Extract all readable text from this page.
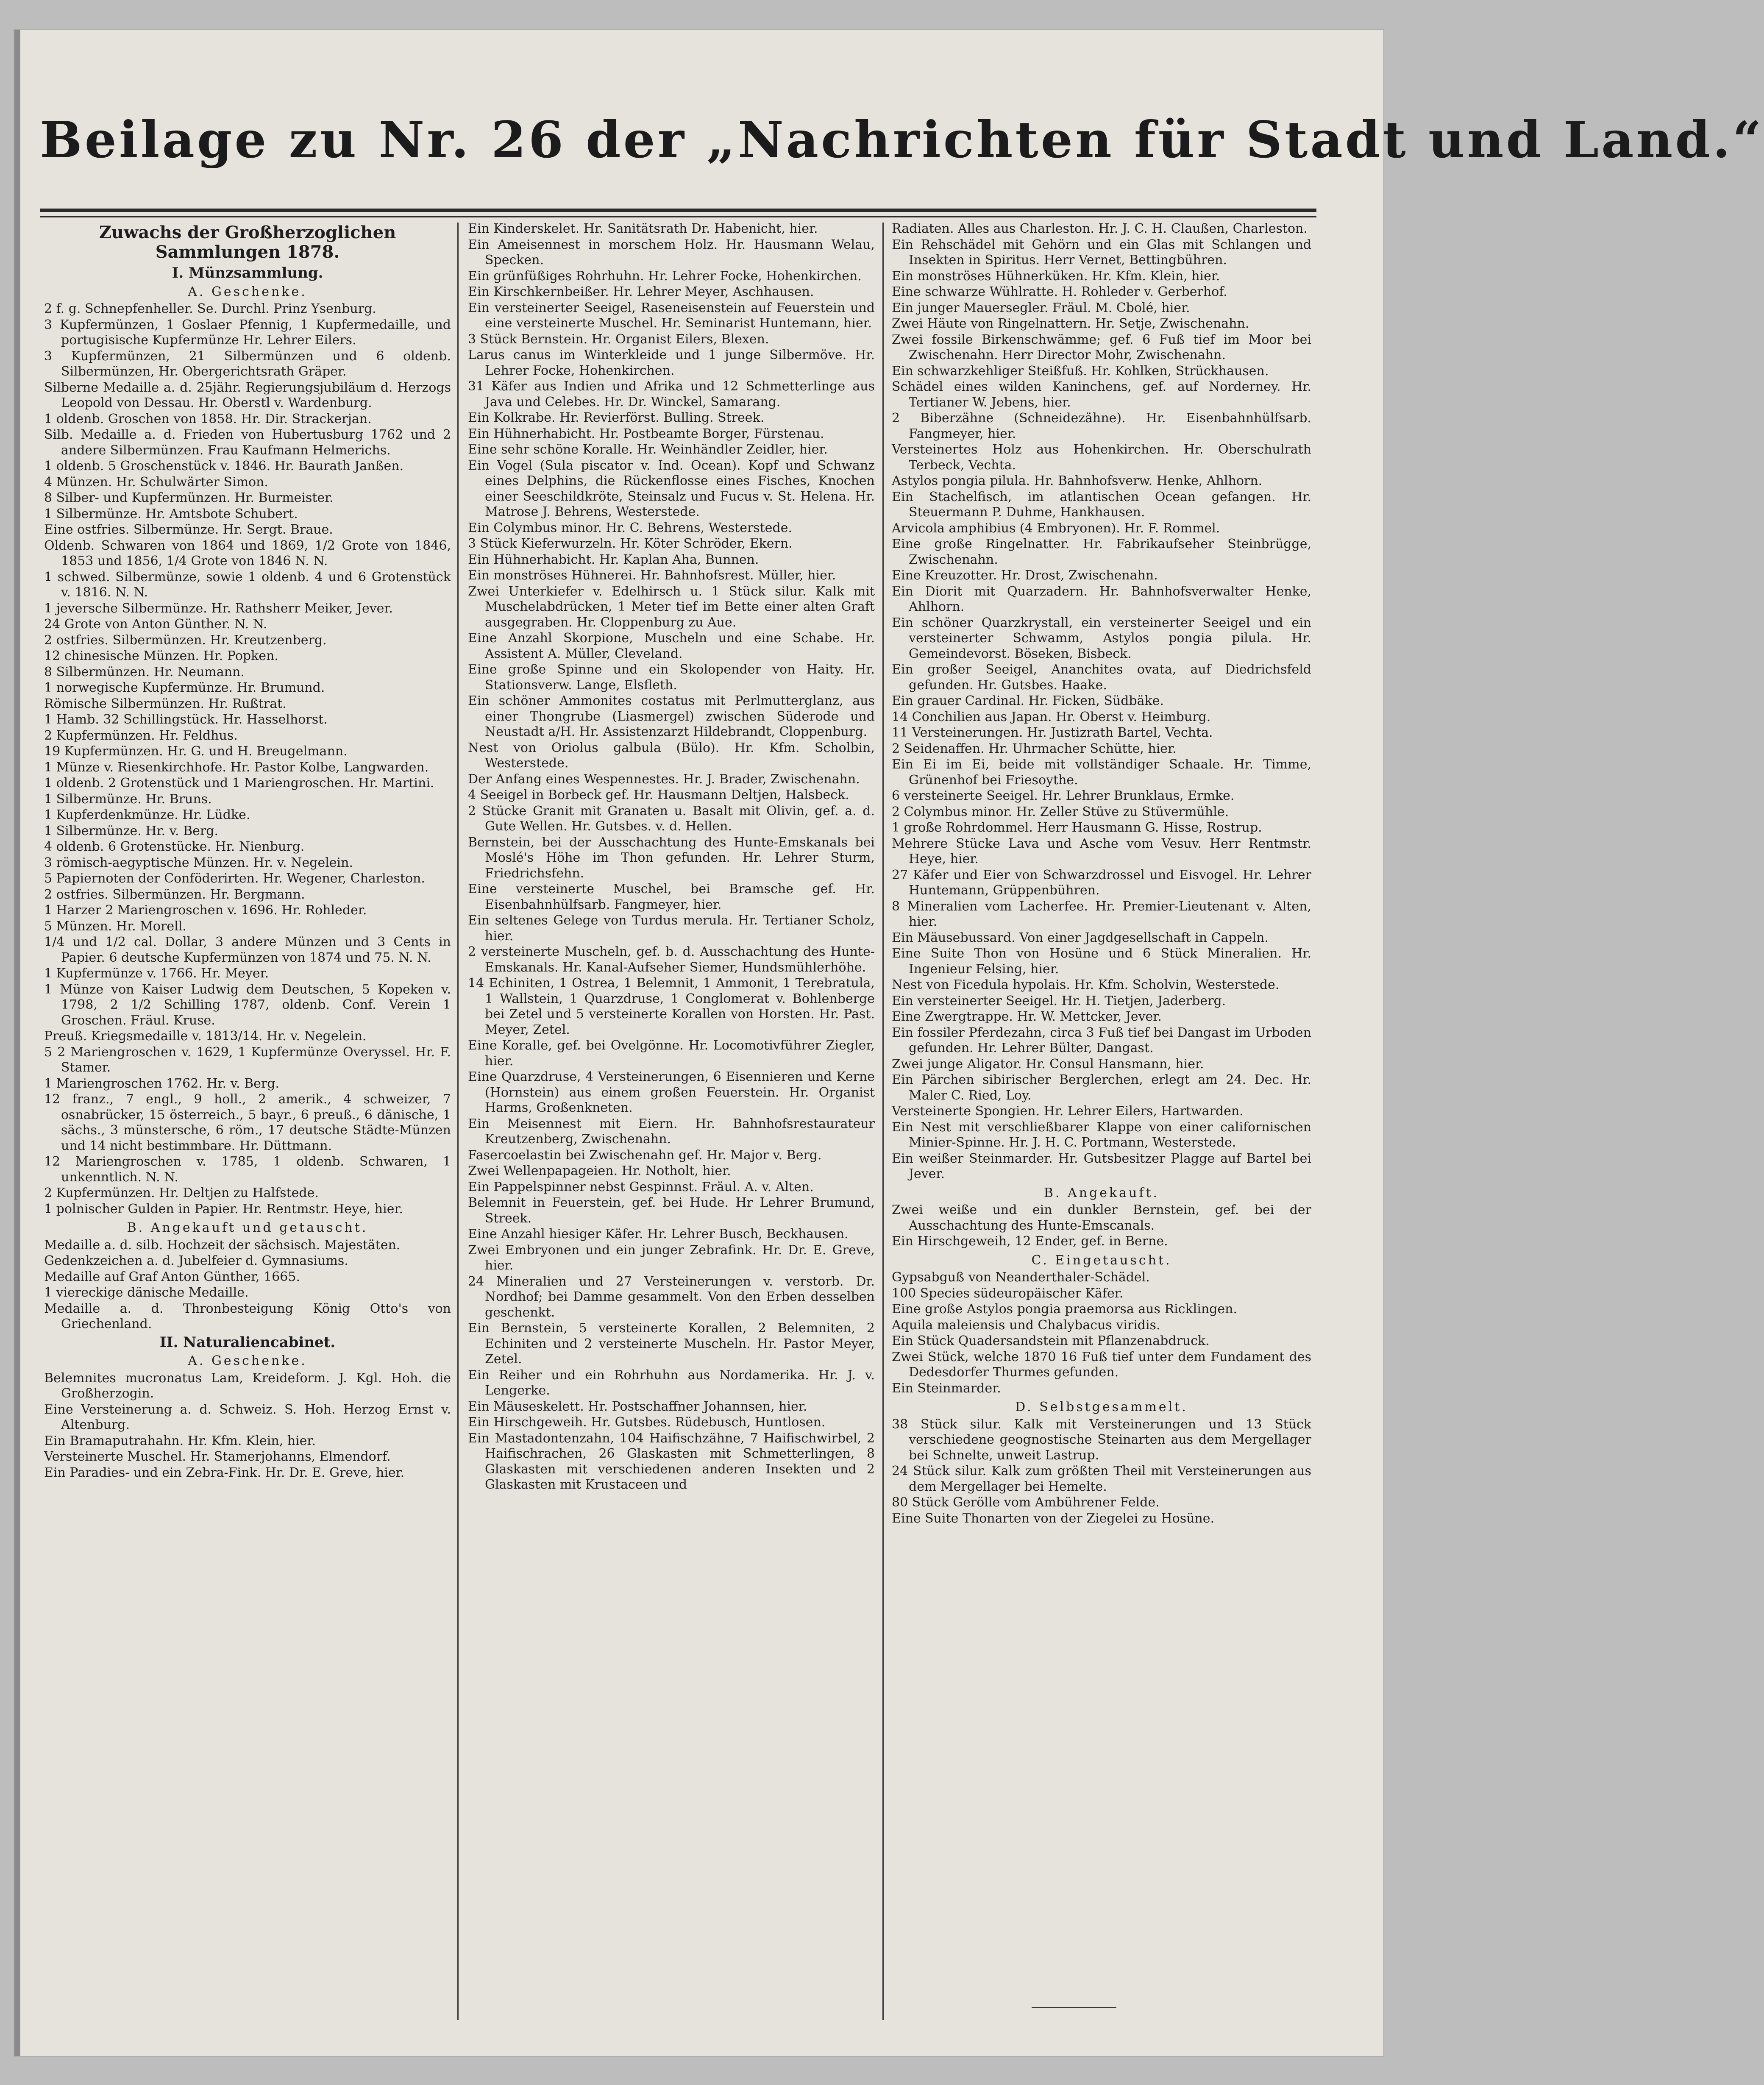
Beilage zu Nr. 26 der „Nachrichten für Stadt und Land.“
Zuwachs der Großherzoglichen Sammlungen 1878.
I. Münzsammlung.
A. Geschenke.
2 f. g. Schnepfenheller. Se. Durchl. Prinz Ysenburg.
3 Kupfermünzen, 1 Goslaer Pfennig, 1 Kupfermedaille, und portugisische Kupfermünze Hr. Lehrer Eilers.
3 Kupfermünzen, 21 Silbermünzen und 6 oldenb. Silbermünzen, Hr. Obergerichtsrath Gräper.
Silberne Medaille a. d. 25jähr. Regierungsjubiläum d. Herzogs Leopold von Dessau. Hr. Oberstl v. Wardenburg.
1 oldenb. Groschen von 1858. Hr. Dir. Strackerjan.
Silb. Medaille a. d. Frieden von Hubertusburg 1762 und 2 andere Silbermünzen. Frau Kaufmann Helmerichs.
1 oldenb. 5 Groschenstück v. 1846. Hr. Baurath Janßen.
4 Münzen. Hr. Schulwärter Simon.
8 Silber- und Kupfermünzen. Hr. Burmeister.
1 Silbermünze. Hr. Amtsbote Schubert.
Eine ostfries. Silbermünze. Hr. Sergt. Braue.
Oldenb. Schwaren von 1864 und 1869, 1/2 Grote von 1846, 1853 und 1856, 1/4 Grote von 1846 N. N.
1 schwed. Silbermünze, sowie 1 oldenb. 4 und 6 Grotenstück v. 1816. N. N.
1 jeversche Silbermünze. Hr. Rathsherr Meiker, Jever.
24 Grote von Anton Günther. N. N.
2 ostfries. Silbermünzen. Hr. Kreutzenberg.
12 chinesische Münzen. Hr. Popken.
8 Silbermünzen. Hr. Neumann.
1 norwegische Kupfermünze. Hr. Brumund.
Römische Silbermünzen. Hr. Rußtrat.
1 Hamb. 32 Schillingstück. Hr. Hasselhorst.
2 Kupfermünzen. Hr. Feldhus.
19 Kupfermünzen. Hr. G. und H. Breugelmann.
1 Münze v. Riesenkirchhofe. Hr. Pastor Kolbe, Langwarden.
1 oldenb. 2 Grotenstück und 1 Mariengroschen. Hr. Martini.
1 Silbermünze. Hr. Bruns.
1 Kupferdenkmünze. Hr. Lüdke.
1 Silbermünze. Hr. v. Berg.
4 oldenb. 6 Grotenstücke. Hr. Nienburg.
3 römisch-aegyptische Münzen. Hr. v. Negelein.
5 Papiernoten der Conföderirten. Hr. Wegener, Charleston.
2 ostfries. Silbermünzen. Hr. Bergmann.
1 Harzer 2 Mariengroschen v. 1696. Hr. Rohleder.
5 Münzen. Hr. Morell.
1/4 und 1/2 cal. Dollar, 3 andere Münzen und 3 Cents in Papier. 6 deutsche Kupfermünzen von 1874 und 75. N. N.
1 Kupfermünze v. 1766. Hr. Meyer.
1 Münze von Kaiser Ludwig dem Deutschen, 5 Kopeken v. 1798, 2 1/2 Schilling 1787, oldenb. Conf. Verein 1 Groschen. Fräul. Kruse.
Preuß. Kriegsmedaille v. 1813/14. Hr. v. Negelein.
5 2 Mariengroschen v. 1629, 1 Kupfermünze Overyssel. Hr. F. Stamer.
1 Mariengroschen 1762. Hr. v. Berg.
12 franz., 7 engl., 9 holl., 2 amerik., 4 schweizer, 7 osnabrücker, 15 österreich., 5 bayr., 6 preuß., 6 dänische, 1 sächs., 3 münstersche, 6 röm., 17 deutsche Städte-Münzen und 14 nicht bestimmbare. Hr. Düttmann.
12 Mariengroschen v. 1785, 1 oldenb. Schwaren, 1 unkenntlich. N. N.
2 Kupfermünzen. Hr. Deltjen zu Halfstede.
1 polnischer Gulden in Papier. Hr. Rentmstr. Heye, hier.
B. Angekauft und getauscht.
Medaille a. d. silb. Hochzeit der sächsisch. Majestäten.
Gedenkzeichen a. d. Jubelfeier d. Gymnasiums.
Medaille auf Graf Anton Günther, 1665.
1 viereckige dänische Medaille.
Medaille a. d. Thronbesteigung König Otto's von Griechenland.
II. Naturaliencabinet.
A. Geschenke.
Belemnites mucronatus Lam, Kreideform. J. Kgl. Hoh. die Großherzogin.
Eine Versteinerung a. d. Schweiz. S. Hoh. Herzog Ernst v. Altenburg.
Ein Bramaputrahahn. Hr. Kfm. Klein, hier.
Versteinerte Muschel. Hr. Stamerjohanns, Elmendorf.
Ein Paradies- und ein Zebra-Fink. Hr. Dr. E. Greve, hier.
Ein Kinderskelet. Hr. Sanitätsrath Dr. Habenicht, hier.
Ein Ameisennest in morschem Holz. Hr. Hausmann Welau, Specken.
Ein grünfüßiges Rohrhuhn. Hr. Lehrer Focke, Hohenkirchen.
Ein Kirschkernbeißer. Hr. Lehrer Meyer, Aschhausen.
Ein versteinerter Seeigel, Raseneisenstein auf Feuerstein und eine versteinerte Muschel. Hr. Seminarist Huntemann, hier.
3 Stück Bernstein. Hr. Organist Eilers, Blexen.
Larus canus im Winterkleide und 1 junge Silbermöve. Hr. Lehrer Focke, Hohenkirchen.
31 Käfer aus Indien und Afrika und 12 Schmetterlinge aus Java und Celebes. Hr. Dr. Winckel, Samarang.
Ein Kolkrabe. Hr. Revierförst. Bulling. Streek.
Ein Hühnerhabicht. Hr. Postbeamte Borger, Fürstenau.
Eine sehr schöne Koralle. Hr. Weinhändler Zeidler, hier.
Ein Vogel (Sula piscator v. Ind. Ocean). Kopf und Schwanz eines Delphins, die Rückenflosse eines Fisches, Knochen einer Seeschildkröte, Steinsalz und Fucus v. St. Helena. Hr. Matrose J. Behrens, Westerstede.
Ein Colymbus minor. Hr. C. Behrens, Westerstede.
3 Stück Kieferwurzeln. Hr. Köter Schröder, Ekern.
Ein Hühnerhabicht. Hr. Kaplan Aha, Bunnen.
Ein monströses Hühnerei. Hr. Bahnhofsrest. Müller, hier.
Zwei Unterkiefer v. Edelhirsch u. 1 Stück silur. Kalk mit Muschelabdrücken, 1 Meter tief im Bette einer alten Graft ausgegraben. Hr. Cloppenburg zu Aue.
Eine Anzahl Skorpione, Muscheln und eine Schabe. Hr. Assistent A. Müller, Cleveland.
Eine große Spinne und ein Skolopender von Haity. Hr. Stationsverw. Lange, Elsfleth.
Ein schöner Ammonites costatus mit Perlmutterglanz, aus einer Thongrube (Liasmergel) zwischen Süderode und Neustadt a/H. Hr. Assistenzarzt Hildebrandt, Cloppenburg.
Nest von Oriolus galbula (Bülo). Hr. Kfm. Scholbin, Westerstede.
Der Anfang eines Wespennestes. Hr. J. Brader, Zwischenahn.
4 Seeigel in Borbeck gef. Hr. Hausmann Deltjen, Halsbeck.
2 Stücke Granit mit Granaten u. Basalt mit Olivin, gef. a. d. Gute Wellen. Hr. Gutsbes. v. d. Hellen.
Bernstein, bei der Ausschachtung des Hunte-Emskanals bei Moslé's Höhe im Thon gefunden. Hr. Lehrer Sturm, Friedrichsfehn.
Eine versteinerte Muschel, bei Bramsche gef. Hr. Eisenbahnhülfsarb. Fangmeyer, hier.
Ein seltenes Gelege von Turdus merula. Hr. Tertianer Scholz, hier.
2 versteinerte Muscheln, gef. b. d. Ausschachtung des Hunte-Emskanals. Hr. Kanal-Aufseher Siemer, Hundsmühlerhöhe.
14 Echiniten, 1 Ostrea, 1 Belemnit, 1 Ammonit, 1 Terebratula, 1 Wallstein, 1 Quarzdruse, 1 Conglomerat v. Bohlenberge bei Zetel und 5 versteinerte Korallen von Horsten. Hr. Past. Meyer, Zetel.
Eine Koralle, gef. bei Ovelgönne. Hr. Locomotivführer Ziegler, hier.
Eine Quarzdruse, 4 Versteinerungen, 6 Eisennieren und Kerne (Hornstein) aus einem großen Feuerstein. Hr. Organist Harms, Großenkneten.
Ein Meisennest mit Eiern. Hr. Bahnhofsrestaurateur Kreutzenberg, Zwischenahn.
Fasercoelastin bei Zwischenahn gef. Hr. Major v. Berg.
Zwei Wellenpapageien. Hr. Notholt, hier.
Ein Pappelspinner nebst Gespinnst. Fräul. A. v. Alten.
Belemnit in Feuerstein, gef. bei Hude. Hr Lehrer Brumund, Streek.
Eine Anzahl hiesiger Käfer. Hr. Lehrer Busch, Beckhausen.
Zwei Embryonen und ein junger Zebrafink. Hr. Dr. E. Greve, hier.
24 Mineralien und 27 Versteinerungen v. verstorb. Dr. Nordhof; bei Damme gesammelt. Von den Erben desselben geschenkt.
Ein Bernstein, 5 versteinerte Korallen, 2 Belemniten, 2 Echiniten und 2 versteinerte Muscheln. Hr. Pastor Meyer, Zetel.
Ein Reiher und ein Rohrhuhn aus Nordamerika. Hr. J. v. Lengerke.
Ein Mäuseskelett. Hr. Postschaffner Johannsen, hier.
Ein Hirschgeweih. Hr. Gutsbes. Rüdebusch, Huntlosen.
Ein Mastadontenzahn, 104 Haifischzähne, 7 Haifischwirbel, 2 Haifischrachen, 26 Glaskasten mit Schmetterlingen, 8 Glaskasten mit verschiedenen anderen Insekten und 2 Glaskasten mit Krustaceen und
Radiaten. Alles aus Charleston. Hr. J. C. H. Claußen, Charleston.
Ein Rehschädel mit Gehörn und ein Glas mit Schlangen und Insekten in Spiritus. Herr Vernet, Bettingbühren.
Ein monströses Hühnerküken. Hr. Kfm. Klein, hier.
Eine schwarze Wühlratte. H. Rohleder v. Gerberhof.
Ein junger Mauersegler. Fräul. M. Cbolé, hier.
Zwei Häute von Ringelnattern. Hr. Setje, Zwischenahn.
Zwei fossile Birkenschwämme; gef. 6 Fuß tief im Moor bei Zwischenahn. Herr Director Mohr, Zwischenahn.
Ein schwarzkehliger Steißfuß. Hr. Kohlken, Strückhausen.
Schädel eines wilden Kaninchens, gef. auf Norderney. Hr. Tertianer W. Jebens, hier.
2 Biberzähne (Schneidezähne). Hr. Eisenbahnhülfsarb. Fangmeyer, hier.
Versteinertes Holz aus Hohenkirchen. Hr. Oberschulrath Terbeck, Vechta.
Astylos pongia pilula. Hr. Bahnhofsverw. Henke, Ahlhorn.
Ein Stachelfisch, im atlantischen Ocean gefangen. Hr. Steuermann P. Duhme, Hankhausen.
Arvicola amphibius (4 Embryonen). Hr. F. Rommel.
Eine große Ringelnatter. Hr. Fabrikaufseher Steinbrügge, Zwischenahn.
Eine Kreuzotter. Hr. Drost, Zwischenahn.
Ein Diorit mit Quarzadern. Hr. Bahnhofsverwalter Henke, Ahlhorn.
Ein schöner Quarzkrystall, ein versteinerter Seeigel und ein versteinerter Schwamm, Astylos pongia pilula. Hr. Gemeindevorst. Böseken, Bisbeck.
Ein großer Seeigel, Ananchites ovata, auf Diedrichsfeld gefunden. Hr. Gutsbes. Haake.
Ein grauer Cardinal. Hr. Ficken, Südbäke.
14 Conchilien aus Japan. Hr. Oberst v. Heimburg.
11 Versteinerungen. Hr. Justizrath Bartel, Vechta.
2 Seidenaffen. Hr. Uhrmacher Schütte, hier.
Ein Ei im Ei, beide mit vollständiger Schaale. Hr. Timme, Grünenhof bei Friesoythe.
6 versteinerte Seeigel. Hr. Lehrer Brunklaus, Ermke.
2 Colymbus minor. Hr. Zeller Stüve zu Stüvermühle.
1 große Rohrdommel. Herr Hausmann G. Hisse, Rostrup.
Mehrere Stücke Lava und Asche vom Vesuv. Herr Rentmstr. Heye, hier.
27 Käfer und Eier von Schwarzdrossel und Eisvogel. Hr. Lehrer Huntemann, Grüppenbühren.
8 Mineralien vom Lacherfee. Hr. Premier-Lieutenant v. Alten, hier.
Ein Mäusebussard. Von einer Jagdgesellschaft in Cappeln.
Eine Suite Thon von Hosüne und 6 Stück Mineralien. Hr. Ingenieur Felsing, hier.
Nest von Ficedula hypolais. Hr. Kfm. Scholvin, Westerstede.
Ein versteinerter Seeigel. Hr. H. Tietjen, Jaderberg.
Eine Zwergtrappe. Hr. W. Mettcker, Jever.
Ein fossiler Pferdezahn, circa 3 Fuß tief bei Dangast im Urboden gefunden. Hr. Lehrer Bülter, Dangast.
Zwei junge Aligator. Hr. Consul Hansmann, hier.
Ein Pärchen sibirischer Berglerchen, erlegt am 24. Dec. Hr. Maler C. Ried, Loy.
Versteinerte Spongien. Hr. Lehrer Eilers, Hartwarden.
Ein Nest mit verschließbarer Klappe von einer californischen Minier-Spinne. Hr. J. H. C. Portmann, Westerstede.
Ein weißer Steinmarder. Hr. Gutsbesitzer Plagge auf Bartel bei Jever.
B. Angekauft.
Zwei weiße und ein dunkler Bernstein, gef. bei der Ausschachtung des Hunte-Emscanals.
Ein Hirschgeweih, 12 Ender, gef. in Berne.
C. Eingetauscht.
Gypsabguß von Neanderthaler-Schädel.
100 Species südeuropäischer Käfer.
Eine große Astylos pongia praemorsa aus Ricklingen.
Aquila maleiensis und Chalybacus viridis.
Ein Stück Quadersandstein mit Pflanzenabdruck.
Zwei Stück, welche 1870 16 Fuß tief unter dem Fundament des Dedesdorfer Thurmes gefunden.
Ein Steinmarder.
D. Selbstgesammelt.
38 Stück silur. Kalk mit Versteinerungen und 13 Stück verschiedene geognostische Steinarten aus dem Mergellager bei Schnelte, unweit Lastrup.
24 Stück silur. Kalk zum größten Theil mit Versteinerungen aus dem Mergellager bei Hemelte.
80 Stück Gerölle vom Ambührener Felde.
Eine Suite Thonarten von der Ziegelei zu Hosüne.
